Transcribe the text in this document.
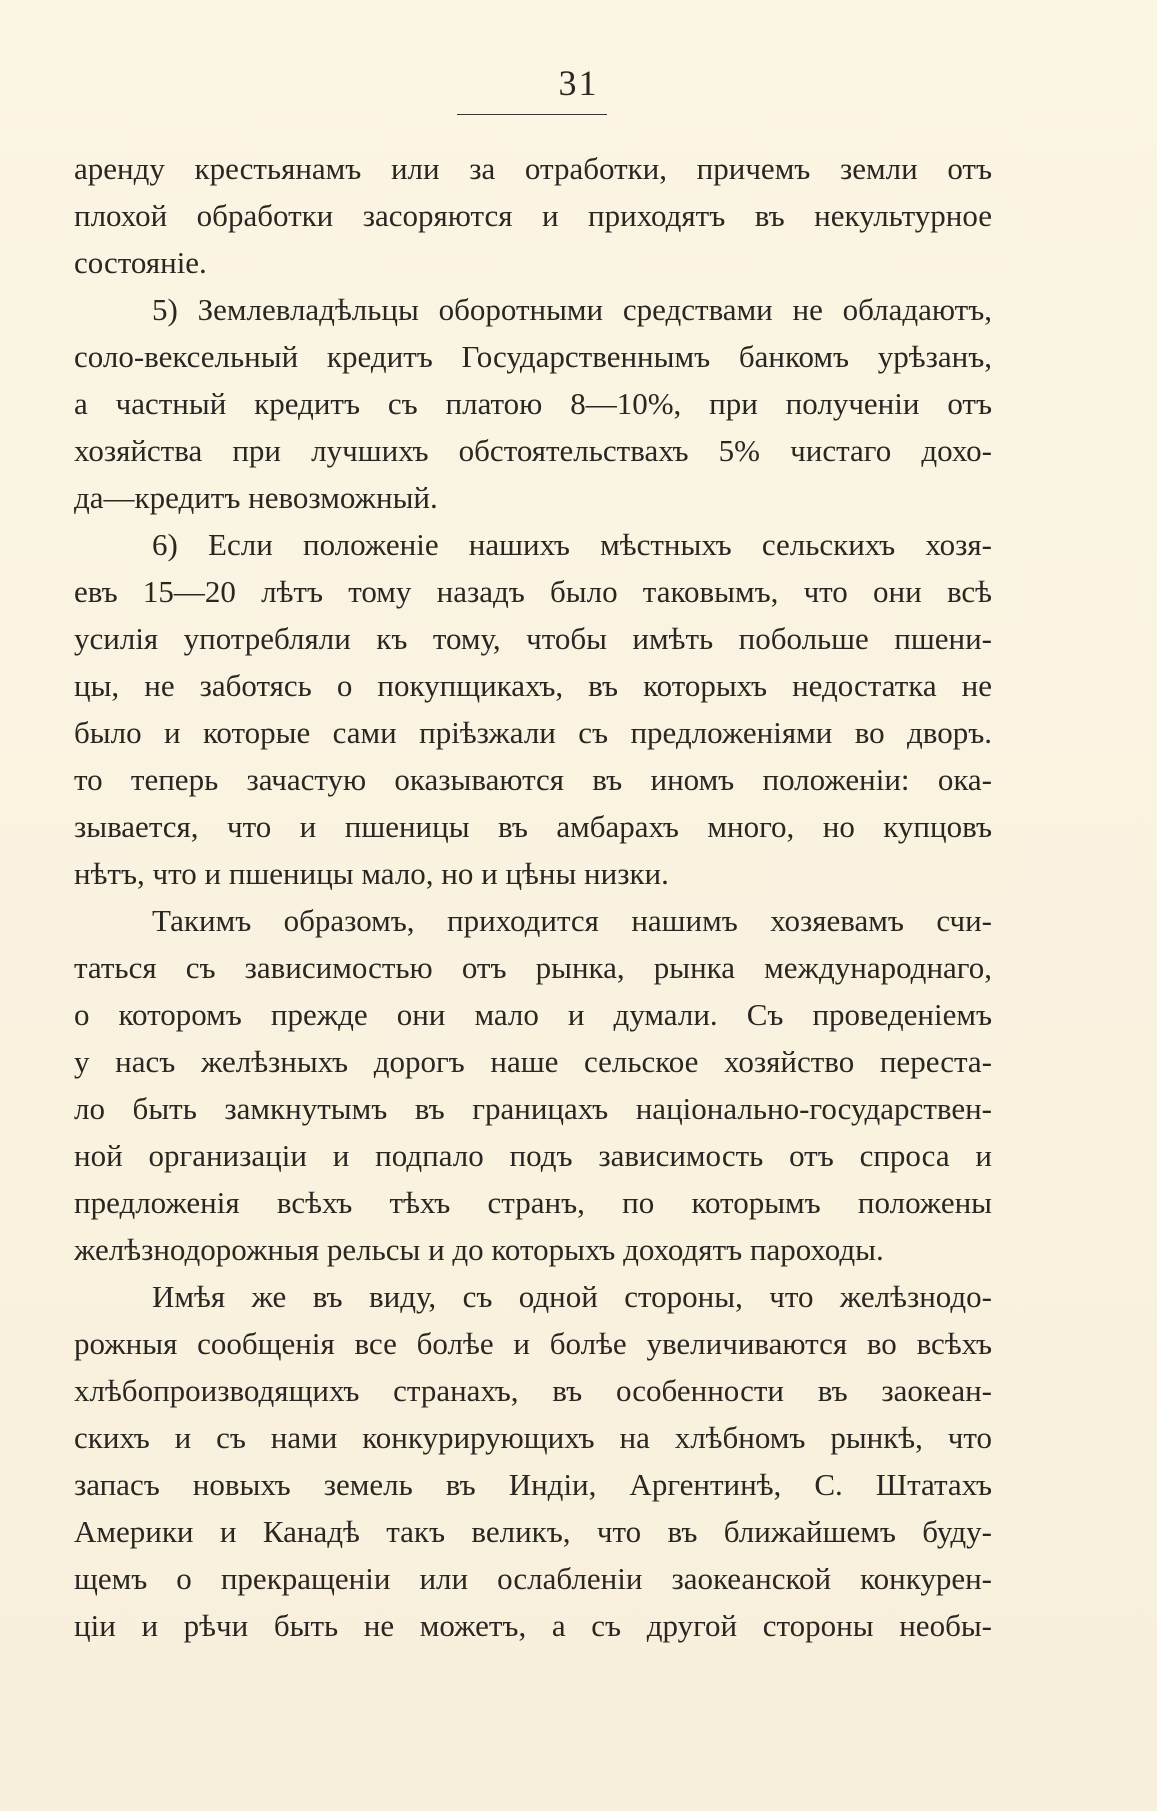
31
аренду крестьянамъ или за отработки, причемъ земли отъ
плохой обработки засоряются и приходятъ въ некультурное
состояніе.
5) Землевладѣльцы оборотными средствами не обладаютъ,
соло-вексельный кредитъ Государственнымъ банкомъ урѣзанъ,
а частный кредитъ съ платою 8—10%, при полученіи отъ
хозяйства при лучшихъ обстоятельствахъ 5% чистаго дохо-
да—кредитъ невозможный.
6) Если положеніе нашихъ мѣстныхъ сельскихъ хозя-
евъ 15—20 лѣтъ тому назадъ было таковымъ, что они всѣ
усилія употребляли къ тому, чтобы имѣть побольше пшени-
цы, не заботясь о покупщикахъ, въ которыхъ недостатка не
было и которые сами пріѣзжали съ предложеніями во дворъ.
то теперь зачастую оказываются въ иномъ положеніи: ока-
зывается, что и пшеницы въ амбарахъ много, но купцовъ
нѣтъ, что и пшеницы мало, но и цѣны низки.
Такимъ образомъ, приходится нашимъ хозяевамъ счи-
таться съ зависимостью отъ рынка, рынка международнаго,
о которомъ прежде они мало и думали. Съ проведеніемъ
у насъ желѣзныхъ дорогъ наше сельское хозяйство переста-
ло быть замкнутымъ въ границахъ національно-государствен-
ной организаціи и подпало подъ зависимость отъ спроса и
предложенія всѣхъ тѣхъ странъ, по которымъ положены
желѣзнодорожныя рельсы и до которыхъ доходятъ пароходы.
Имѣя же въ виду, съ одной стороны, что желѣзнодо-
рожныя сообщенія все болѣе и болѣе увеличиваются во всѣхъ
хлѣбопроизводящихъ странахъ, въ особенности въ заокеан-
скихъ и съ нами конкурирующихъ на хлѣбномъ рынкѣ, что
запасъ новыхъ земель въ Индіи, Аргентинѣ, С. Штатахъ
Америки и Канадѣ такъ великъ, что въ ближайшемъ буду-
щемъ о прекращеніи или ослабленіи заокеанской конкурен-
ціи и рѣчи быть не можетъ, а съ другой стороны необы-
